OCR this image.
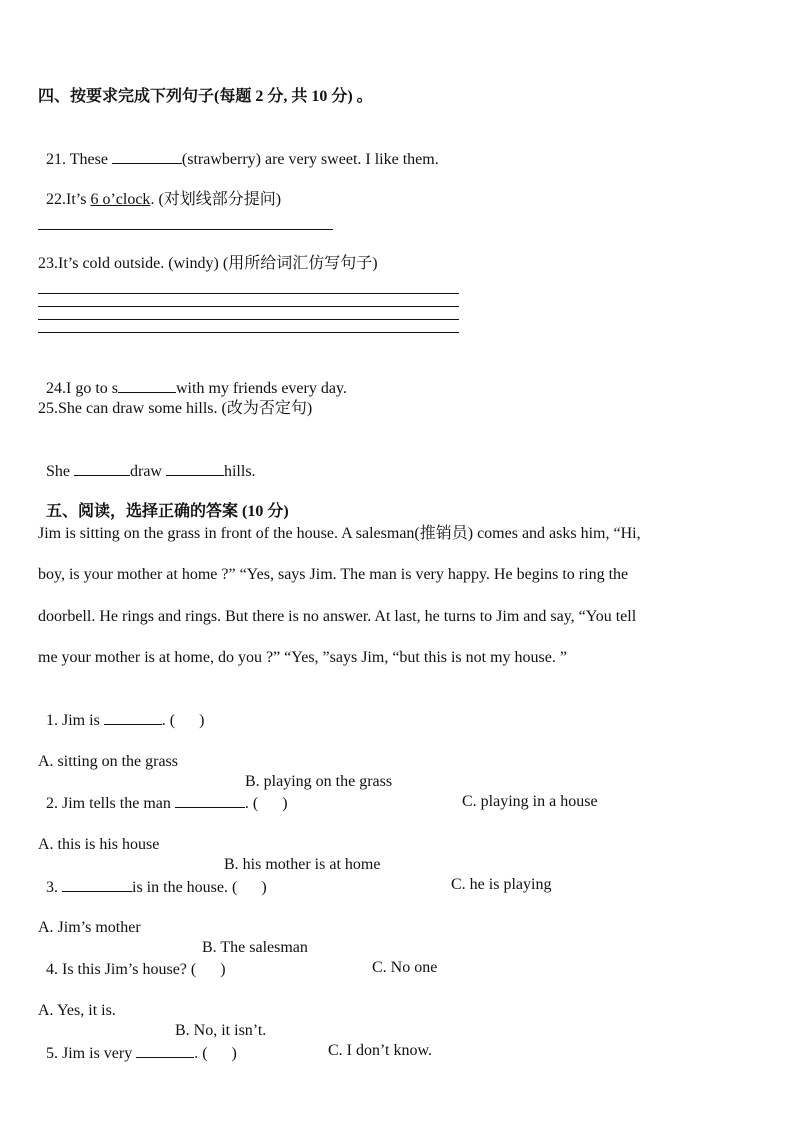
四、按要求完成下列句子(每题 2 分, 共 10 分) 。

21. These	(strawberry) are very sweet. I like them.

22.It’s 6 o’clock. (对划线部分提问)

23.It’s cold outside. (windy) (用所给词汇仿写句子)

24.I go to s	with my friends every day.

25.She can draw some hills. (改为否定句)

She	draw	hills.

五、阅读，选择正确的答案 (10 分)

Jim is sitting on the grass in front of the house. A salesman(推销员) comes and asks him, “Hi,
boy, is your mother at home ?” “Yes, says Jim. The man is very happy. He begins to ring the
doorbell. He rings and rings. But there is no answer. At last, he turns to Jim and say, “You tell
me your mother is at home, do you ?” “Yes, ”says Jim, “but this is not my house. ”

1. Jim is	. (      )

A. sitting on the grass

B. playing on the grass

C. playing in a house

2. Jim tells the man	. (      )

A. this is his house

B. his mother is at home

C. he is playing

3.	is in the house. (      )

A. Jim’s mother

B. The salesman

C. No one

4. Is this Jim’s house? (      )

A. Yes, it is.

B. No, it isn’t.

C. I don’t know.

5. Jim is very	. (      )
